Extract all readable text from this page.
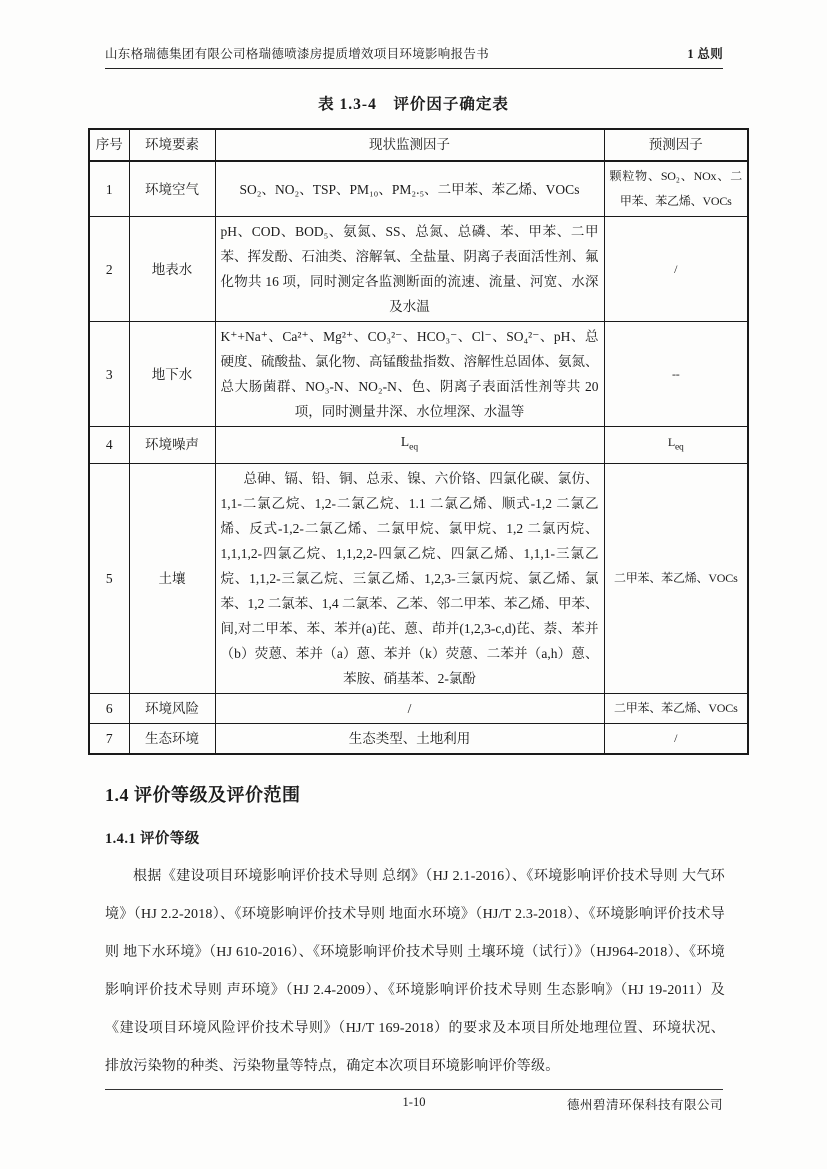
山东格瑞德集团有限公司格瑞德喷漆房提质增效项目环境影响报告书	1 总则
表 1.3-4　评价因子确定表
序号	环境要素	现状监测因子	预测因子
1	环境空气	SO₂、NO₂、TSP、PM₁₀、PM₂.₅、二甲苯、苯乙烯、VOCs	颗粒物、SO₂、NOx、二甲苯、苯乙烯、VOCs
2	地表水	pH、COD、BOD₅、氨氮、SS、总氮、总磷、苯、甲苯、二甲苯、挥发酚、石油类、溶解氧、全盐量、阴离子表面活性剂、氟化物共 16 项，同时测定各监测断面的流速、流量、河宽、水深及水温	/
3	地下水	K⁺+Na⁺、Ca²⁺、Mg²⁺、CO₃²⁻、HCO₃⁻、Cl⁻、SO₄²⁻、pH、总硬度、硫酸盐、氯化物、高锰酸盐指数、溶解性总固体、氨氮、总大肠菌群、NO₃-N、NO₂-N、色、阴离子表面活性剂等共 20 项，同时测量井深、水位埋深、水温等	--
4	环境噪声	$L_{eq}$	$L_{eq}$
5	土壤	总砷、镉、铅、铜、总汞、镍、六价铬、四氯化碳、氯仿、1,1-二氯乙烷、1,2-二氯乙烷、1.1 二氯乙烯、顺式-1,2 二氯乙烯、反式-1,2-二氯乙烯、二氯甲烷、氯甲烷、1,2 二氯丙烷、1,1,1,2-四氯乙烷、1,1,2,2-四氯乙烷、四氯乙烯、1,1,1-三氯乙烷、1,1,2-三氯乙烷、三氯乙烯、1,2,3-三氯丙烷、氯乙烯、氯苯、1,2 二氯苯、1,4 二氯苯、乙苯、邻二甲苯、苯乙烯、甲苯、间,对二甲苯、苯、苯并(a)芘、蒽、茚并(1,2,3-c,d)芘、萘、苯并（b）荧蒽、苯并（a）蒽、苯并（k）荧蒽、二苯并（a,h）蒽、苯胺、硝基苯、2-氯酚	二甲苯、苯乙烯、VOCs
6	环境风险	/	二甲苯、苯乙烯、VOCs
7	生态环境	生态类型、土地利用	/
1.4 评价等级及评价范围
1.4.1 评价等级

根据《建设项目环境影响评价技术导则 总纲》（HJ 2.1-2016）、《环境影响评价技术导则 大气环境》（HJ 2.2-2018）、《环境影响评价技术导则 地面水环境》（HJ/T 2.3-2018）、《环境影响评价技术导则 地下水环境》（HJ 610-2016）、《环境影响评价技术导则 土壤环境（试行）》（HJ964-2018）、《环境影响评价技术导则 声环境》（HJ 2.4-2009）、《环境影响评价技术导则 生态影响》（HJ 19-2011）及《建设项目环境风险评价技术导则》（HJ/T 169-2018）的要求及本项目所处地理位置、环境状况、排放污染物的种类、污染物量等特点，确定本次项目环境影响评价等级。

1-10	德州碧清环保科技有限公司
